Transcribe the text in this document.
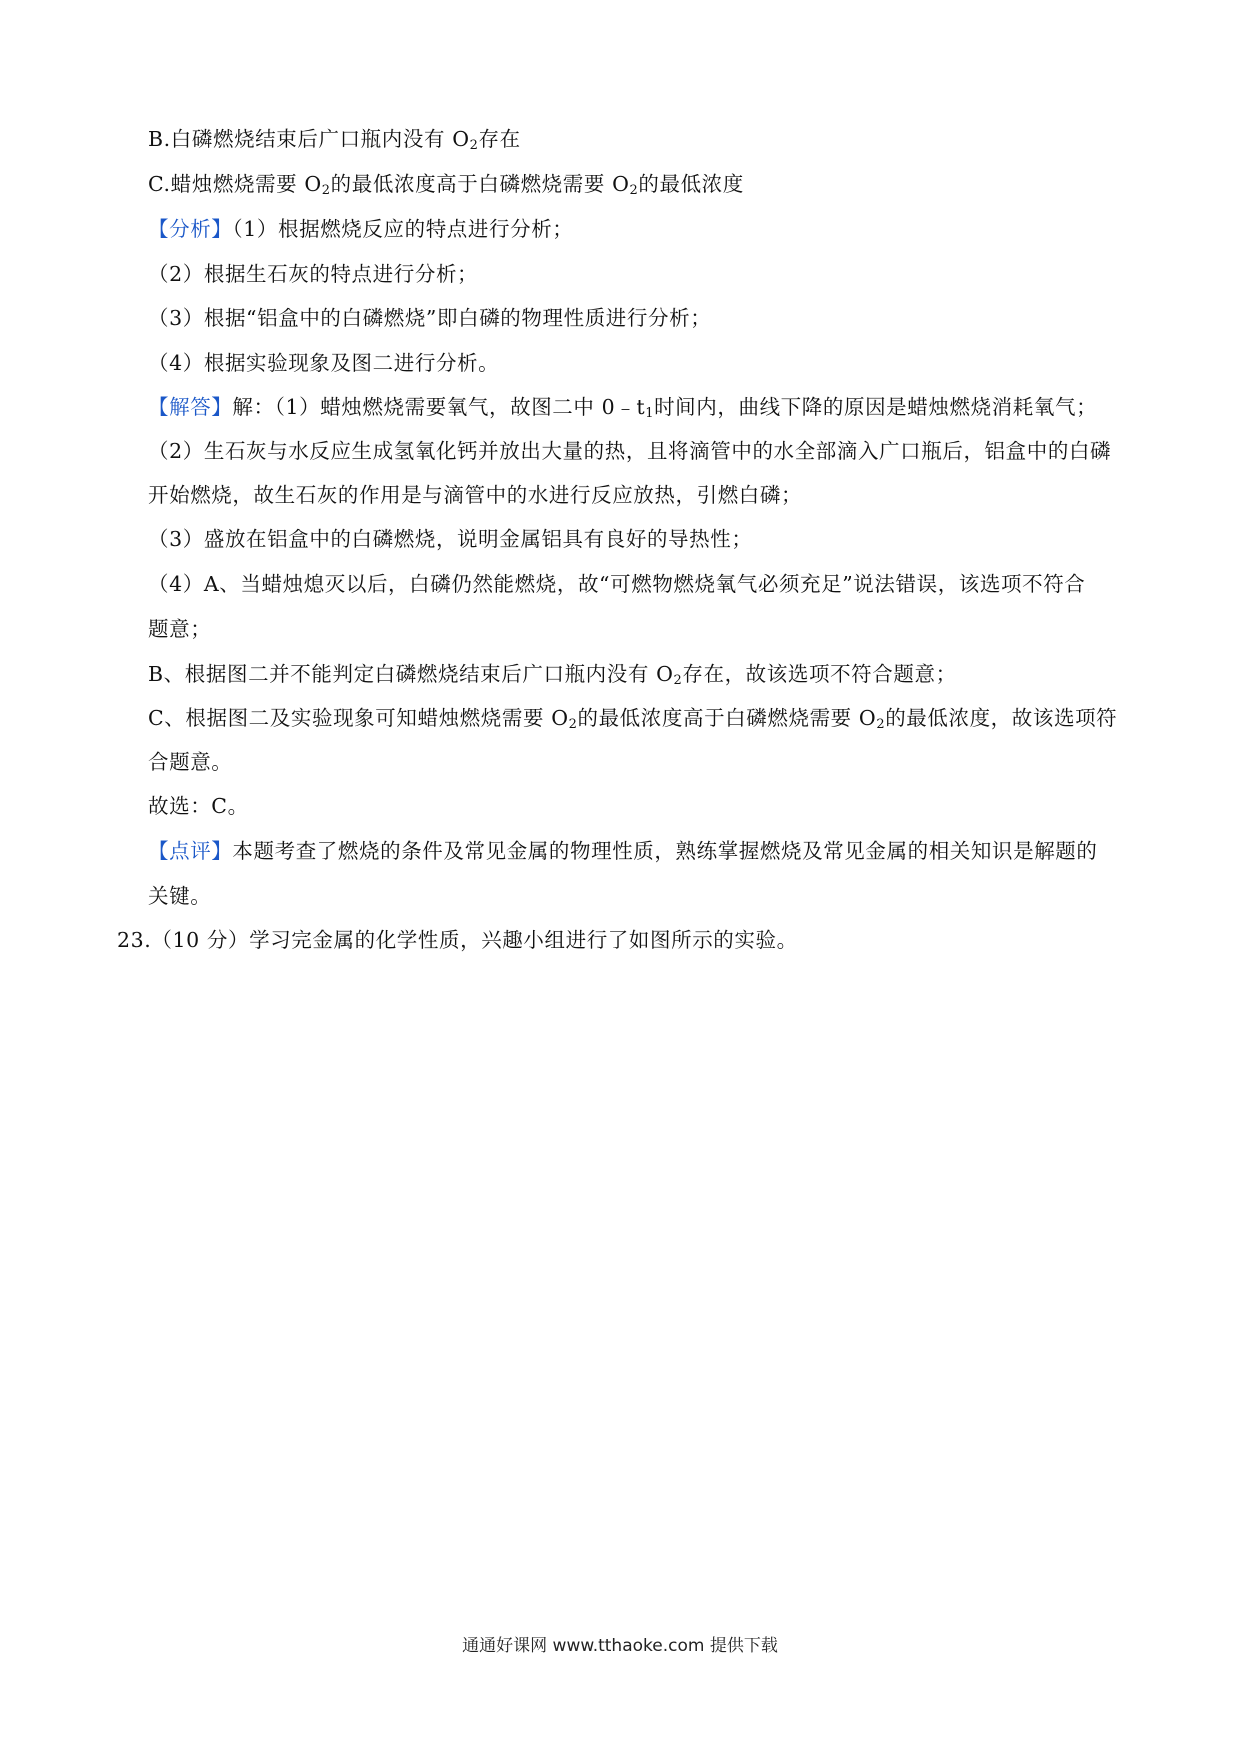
B.白磷燃烧结束后广口瓶内没有 $O_2$存在
C.蜡烛燃烧需要 $O_2$的最低浓度高于白磷燃烧需要 $O_2$的最低浓度
【分析】（1）根据燃烧反应的特点进行分析；
（2）根据生石灰的特点进行分析；
（3）根据“铝盒中的白磷燃烧”即白磷的物理性质进行分析；
（4）根据实验现象及图二进行分析。
【解答】解：（1）蜡烛燃烧需要氧气，故图二中 $0﹣t_1$时间内，曲线下降的原因是蜡烛燃烧消耗氧气；
（2）生石灰与水反应生成氢氧化钙并放出大量的热，且将滴管中的水全部滴入广口瓶后，铝盒中的白磷
开始燃烧，故生石灰的作用是与滴管中的水进行反应放热，引燃白磷；
（3）盛放在铝盒中的白磷燃烧，说明金属铝具有良好的导热性；
（4）A、当蜡烛熄灭以后，白磷仍然能燃烧，故“可燃物燃烧氧气必须充足”说法错误，该选项不符合
题意；
B、根据图二并不能判定白磷燃烧结束后广口瓶内没有 $O_2$存在，故该选项不符合题意；
C、根据图二及实验现象可知蜡烛燃烧需要 $O_2$的最低浓度高于白磷燃烧需要 $O_2$的最低浓度，故该选项符
合题意。
故选：C。
【点评】本题考查了燃烧的条件及常见金属的物理性质，熟练掌握燃烧及常见金属的相关知识是解题的
关键。
23.（10 分）学习完金属的化学性质，兴趣小组进行了如图所示的实验。
通通好课网 www.tthaoke.com 提供下载
